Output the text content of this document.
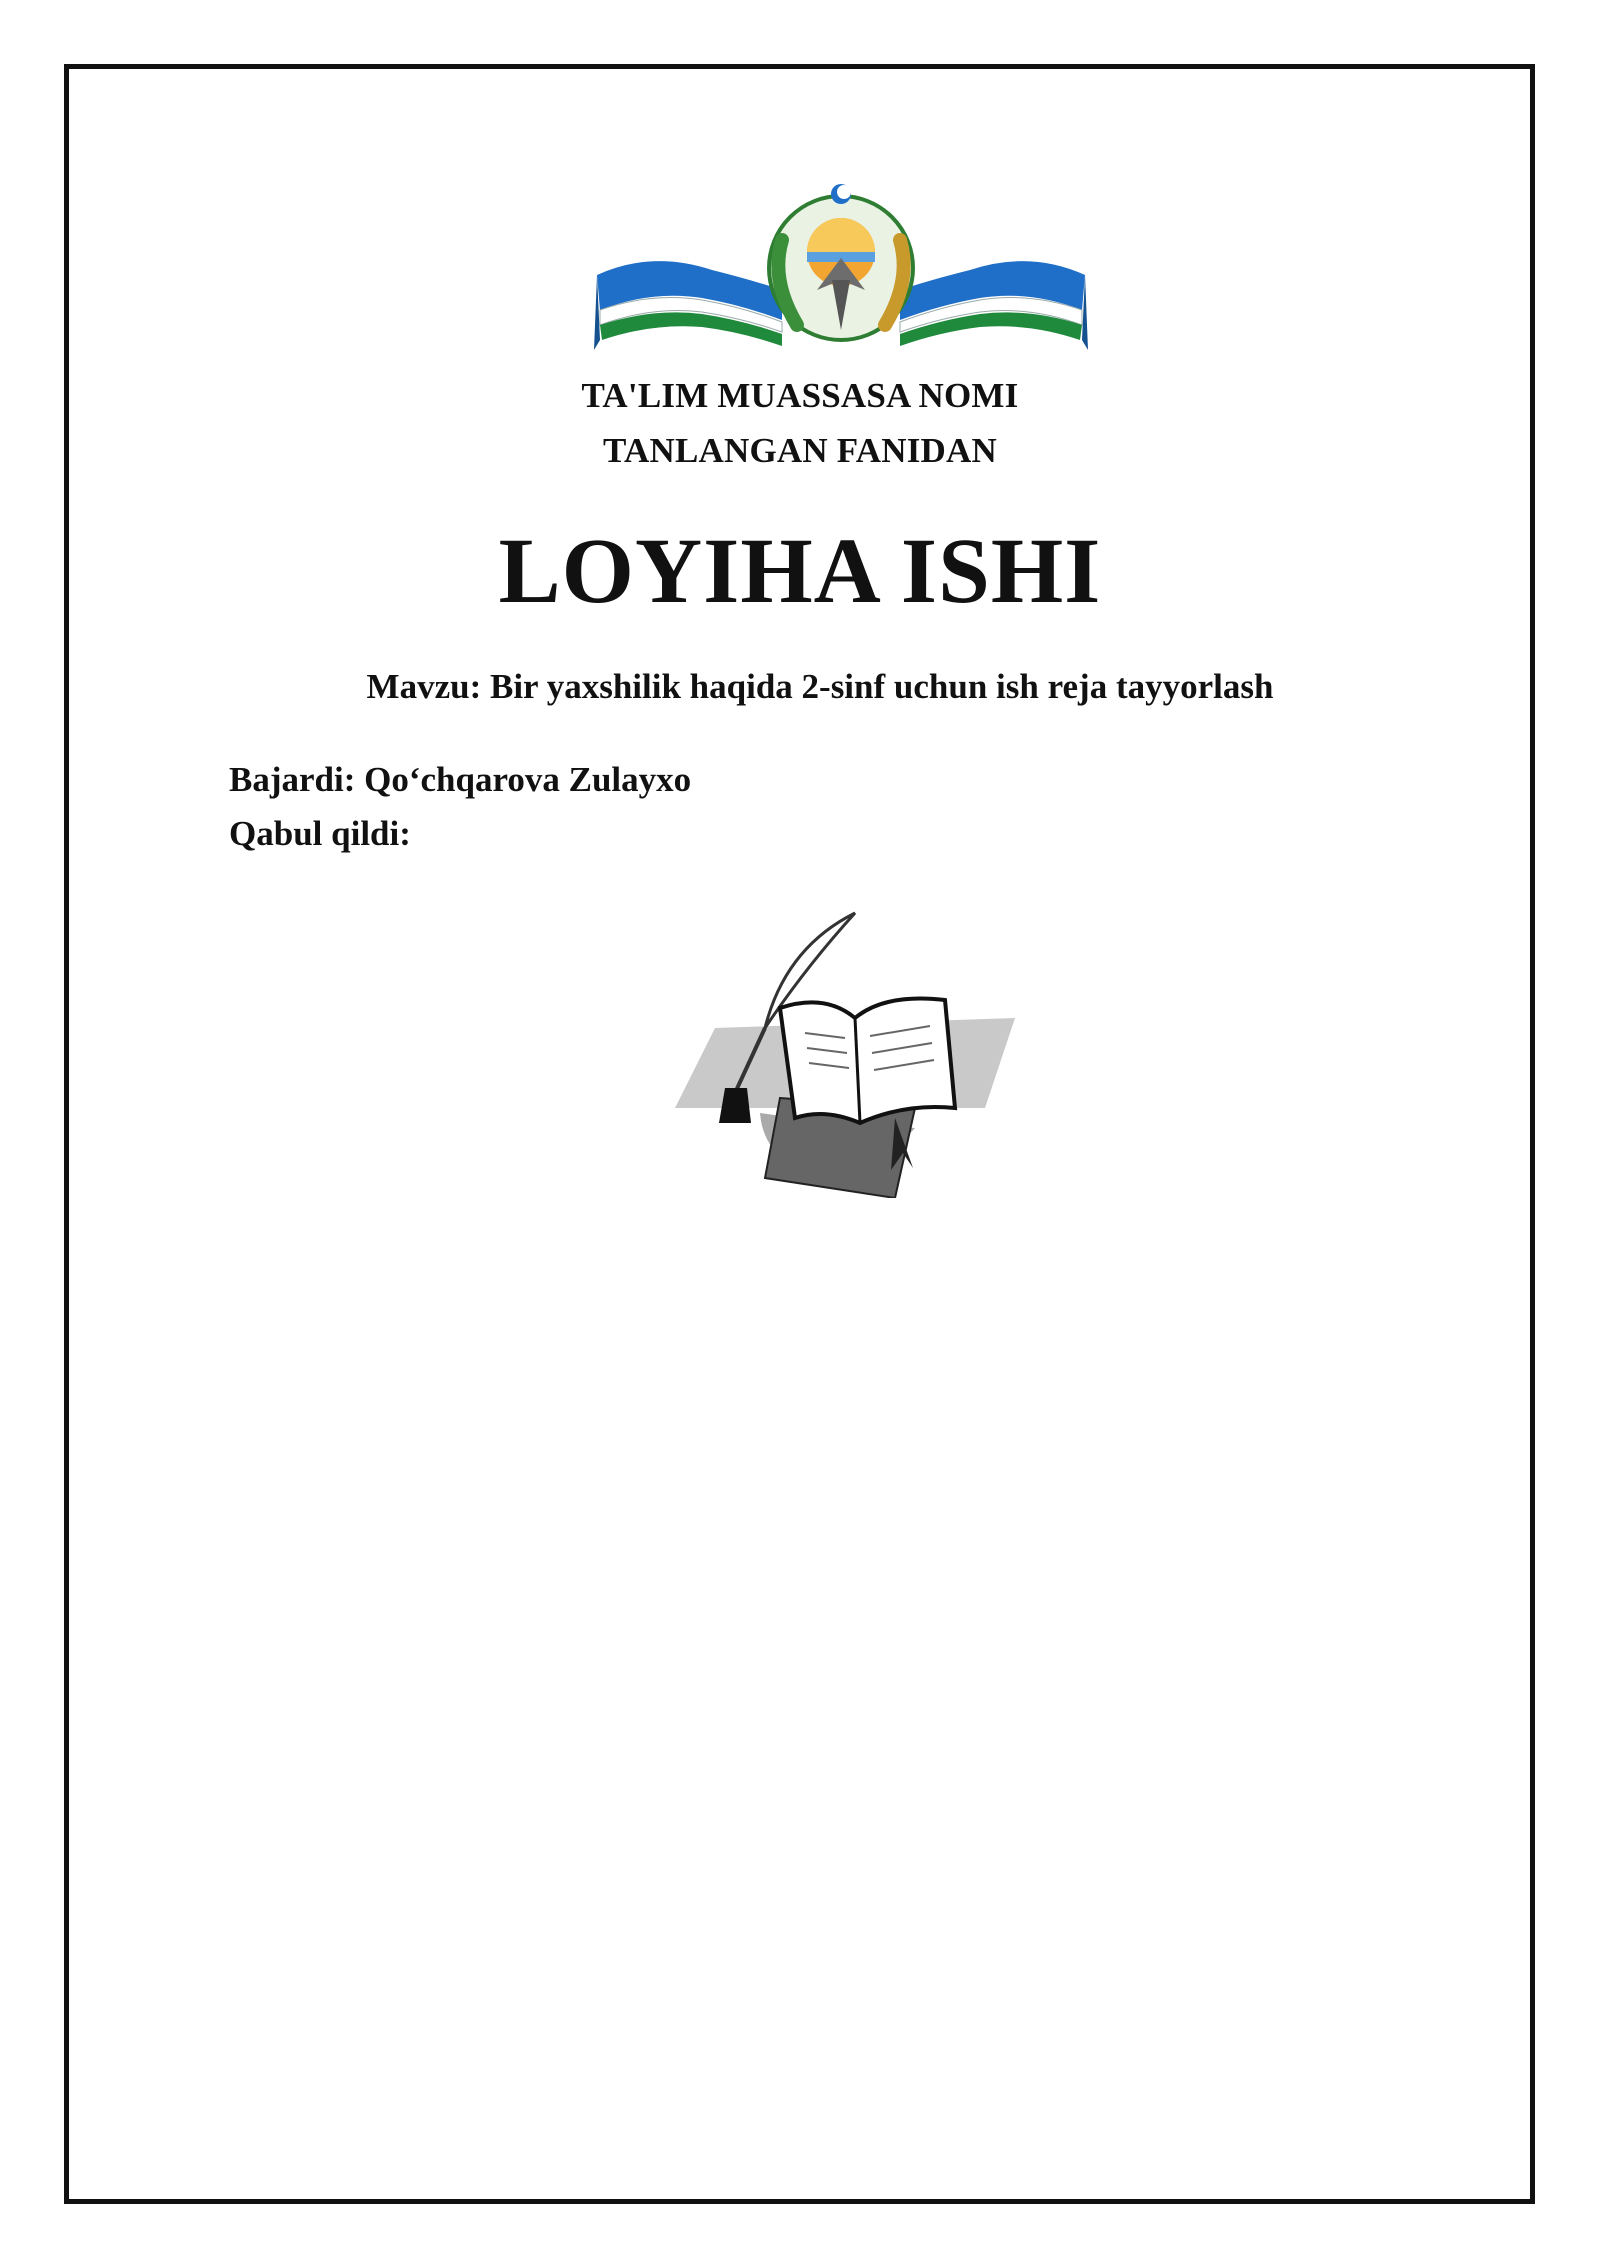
TA'LIM MUASSASA NOMI
TANLANGAN FANIDAN
LOYIHA ISHI
Mavzu: Bir yaxshilik haqida 2-sinf uchun ish reja tayyorlash
Bajardi: Qo‘chqarova Zulayxo
Qabul qildi:
